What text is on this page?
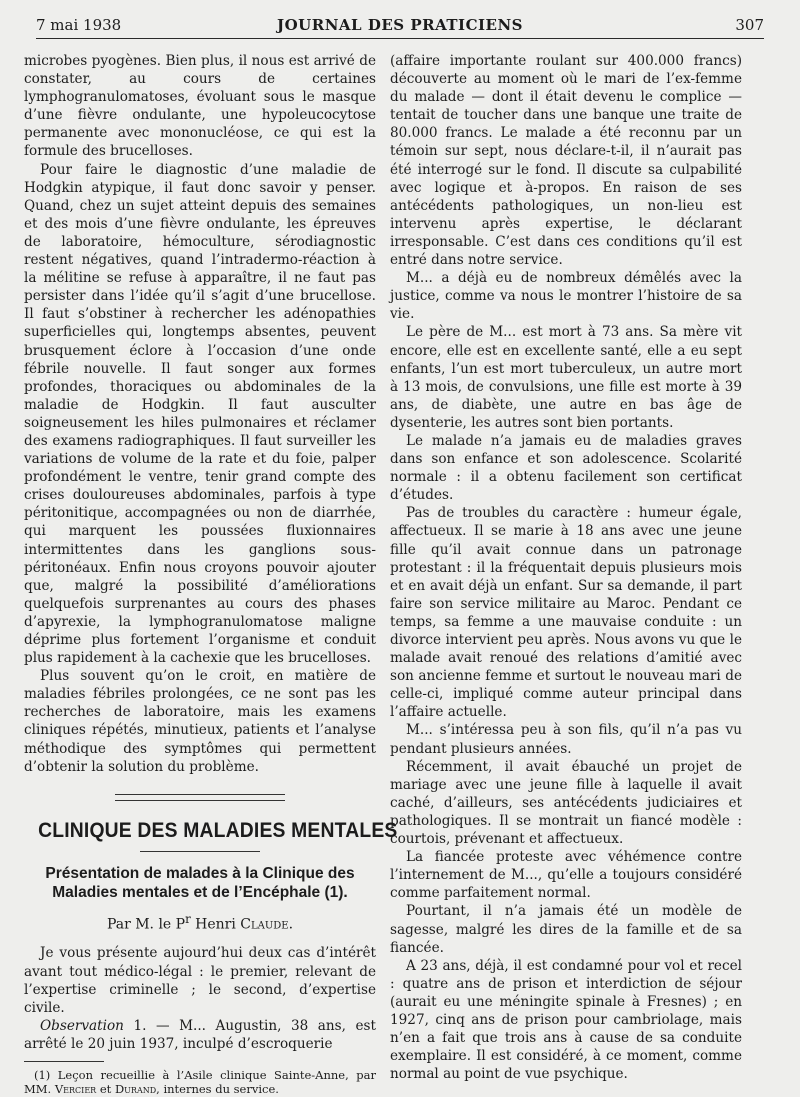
7 mai 1938	JOURNAL DES PRATICIENS	307

microbes pyogènes. Bien plus, il nous est arrivé de constater, au cours de certaines lymphogranulomatoses, évoluant sous le masque d’une fièvre ondulante, une hypoleucocytose permanente avec mononucléose, ce qui est la formule des brucelloses.

Pour faire le diagnostic d’une maladie de Hodgkin atypique, il faut donc savoir y penser. Quand, chez un sujet atteint depuis des semaines et des mois d’une fièvre ondulante, les épreuves de laboratoire, hémoculture, sérodiagnostic restent négatives, quand l’intradermo-réaction à la mélitine se refuse à apparaître, il ne faut pas persister dans l’idée qu’il s’agit d’une brucellose. Il faut s’obstiner à rechercher les adénopathies superficielles qui, longtemps absentes, peuvent brusquement éclore à l’occasion d’une onde fébrile nouvelle. Il faut songer aux formes profondes, thoraciques ou abdominales de la maladie de Hodgkin. Il faut ausculter soigneusement les hiles pulmonaires et réclamer des examens radiographiques. Il faut surveiller les variations de volume de la rate et du foie, palper profondément le ventre, tenir grand compte des crises douloureuses abdominales, parfois à type péritonitique, accompagnées ou non de diarrhée, qui marquent les poussées fluxionnaires intermittentes dans les ganglions sous-péritonéaux. Enfin nous croyons pouvoir ajouter que, malgré la possibilité d’améliorations quelquefois surprenantes au cours des phases d’apyrexie, la lymphogranulomatose maligne déprime plus fortement l’organisme et conduit plus rapidement à la cachexie que les brucelloses.

Plus souvent qu’on le croit, en matière de maladies fébriles prolongées, ce ne sont pas les recherches de laboratoire, mais les examens cliniques répétés, minutieux, patients et l’analyse méthodique des symptômes qui permettent d’obtenir la solution du problème.

CLINIQUE DES MALADIES MENTALES
Présentation de malades à la Clinique des Maladies mentales et de l’Encéphale (1).
Par M. le $P^r$ Henri Claude.

Je vous présente aujourd’hui deux cas d’intérêt avant tout médico-légal : le premier, relevant de l’expertise criminelle ; le second, d’expertise civile.

Observation 1. — M... Augustin, 38 ans, est arrêté le 20 juin 1937, inculpé d’escroquerie

(1) Leçon recueillie à l’Asile clinique Sainte-Anne, par MM. Vercier et Durand, internes du service.

(affaire importante roulant sur 400.000 francs) découverte au moment où le mari de l’ex-femme du malade — dont il était devenu le complice — tentait de toucher dans une banque une traite de 80.000 francs. Le malade a été reconnu par un témoin sur sept, nous déclare-t-il, il n’aurait pas été interrogé sur le fond. Il discute sa culpabilité avec logique et à-propos. En raison de ses antécédents pathologiques, un non-lieu est intervenu après expertise, le déclarant irresponsable. C’est dans ces conditions qu’il est entré dans notre service.

M... a déjà eu de nombreux démêlés avec la justice, comme va nous le montrer l’histoire de sa vie.

Le père de M... est mort à 73 ans. Sa mère vit encore, elle est en excellente santé, elle a eu sept enfants, l’un est mort tuberculeux, un autre mort à 13 mois, de convulsions, une fille est morte à 39 ans, de diabète, une autre en bas âge de dysenterie, les autres sont bien portants.

Le malade n’a jamais eu de maladies graves dans son enfance et son adolescence. Scolarité normale : il a obtenu facilement son certificat d’études.

Pas de troubles du caractère : humeur égale, affectueux. Il se marie à 18 ans avec une jeune fille qu’il avait connue dans un patronage protestant : il la fréquentait depuis plusieurs mois et en avait déjà un enfant. Sur sa demande, il part faire son service militaire au Maroc. Pendant ce temps, sa femme a une mauvaise conduite : un divorce intervient peu après. Nous avons vu que le malade avait renoué des relations d’amitié avec son ancienne femme et surtout le nouveau mari de celle-ci, impliqué comme auteur principal dans l’affaire actuelle.

M... s’intéressa peu à son fils, qu’il n’a pas vu pendant plusieurs années.

Récemment, il avait ébauché un projet de mariage avec une jeune fille à laquelle il avait caché, d’ailleurs, ses antécédents judiciaires et pathologiques. Il se montrait un fiancé modèle : courtois, prévenant et affectueux.

La fiancée proteste avec véhémence contre l’internement de M..., qu’elle a toujours considéré comme parfaitement normal.

Pourtant, il n’a jamais été un modèle de sagesse, malgré les dires de la famille et de sa fiancée.

A 23 ans, déjà, il est condamné pour vol et recel : quatre ans de prison et interdiction de séjour (aurait eu une méningite spinale à Fresnes) ; en 1927, cinq ans de prison pour cambriolage, mais n’en a fait que trois ans à cause de sa conduite exemplaire. Il est considéré, à ce moment, comme normal au point de vue psychique.
